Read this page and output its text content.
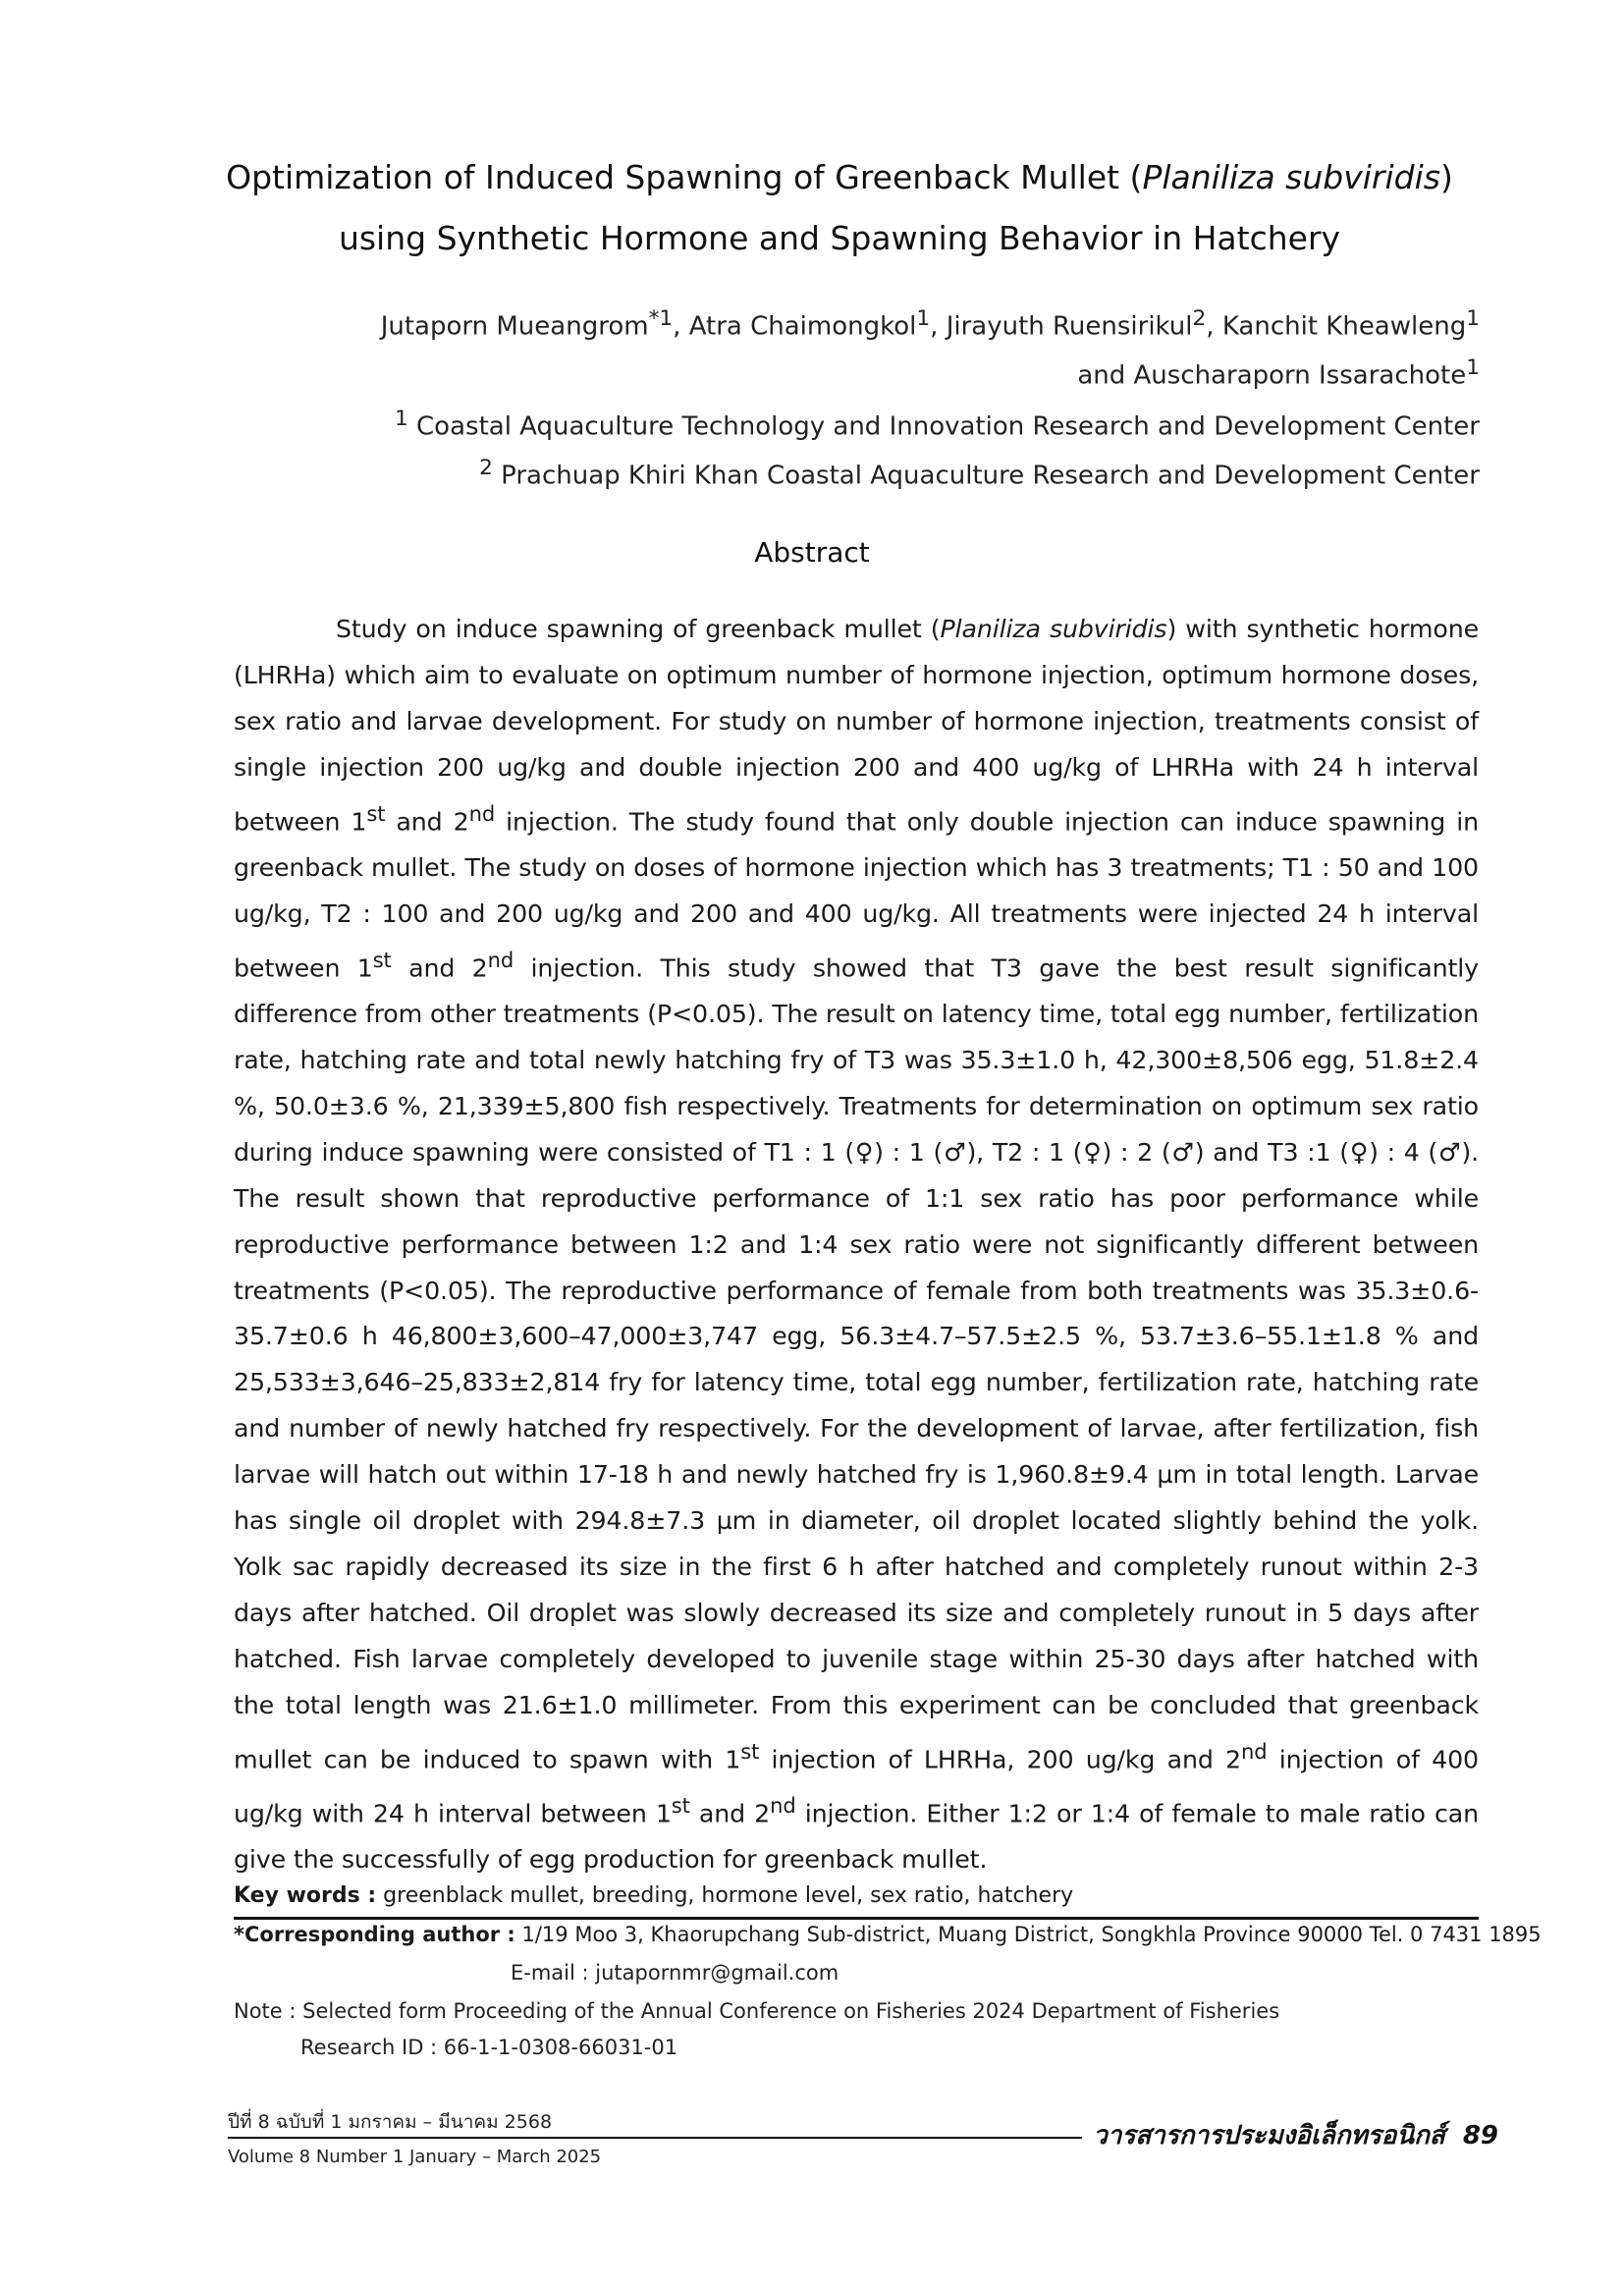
Optimization of Induced Spawning of Greenback Mullet (Planiliza subviridis)
using Synthetic Hormone and Spawning Behavior in Hatchery
Jutaporn Mueangrom$^{*1}$, Atra Chaimongkol$^1$, Jirayuth Ruensirikul$^2$, Kanchit Kheawleng$^1$
and Auscharaporn Issarachote$^1$
$^1$ Coastal Aquaculture Technology and Innovation Research and Development Center
$^2$ Prachuap Khiri Khan Coastal Aquaculture Research and Development Center
Abstract

Study on induce spawning of greenback mullet (Planiliza subviridis) with synthetic hormone (LHRHa) which aim to evaluate on optimum number of hormone injection, optimum hormone doses, sex ratio and larvae development. For study on number of hormone injection, treatments consist of single injection 200 ug/kg and double injection 200 and 400 ug/kg of LHRHa with 24 h interval between 1st and 2nd injection. The study found that only double injection can induce spawning in greenback mullet. The study on doses of hormone injection which has 3 treatments; T1 : 50 and 100 ug/kg, T2 : 100 and 200 ug/kg and 200 and 400 ug/kg. All treatments were injected 24 h interval between 1st and 2nd injection. This study showed that T3 gave the best result significantly difference from other treatments (P<0.05). The result on latency time, total egg number, fertilization rate, hatching rate and total newly hatching fry of T3 was 35.3±1.0 h, 42,300±8,506 egg, 51.8±2.4 %, 50.0±3.6 %, 21,339±5,800 fish respectively. Treatments for determination on optimum sex ratio during induce spawning were consisted of T1 : 1 (♀) : 1 (♂), T2 : 1 (♀) : 2 (♂) and T3 :1 (♀) : 4 (♂). The result shown that reproductive performance of 1:1 sex ratio has poor performance while reproductive performance between 1:2 and 1:4 sex ratio were not significantly different between treatments (P<0.05). The reproductive performance of female from both treatments was 35.3±0.6-35.7±0.6 h 46,800±3,600–47,000±3,747 egg, 56.3±4.7–57.5±2.5 %, 53.7±3.6–55.1±1.8 % and 25,533±3,646–25,833±2,814 fry for latency time, total egg number, fertilization rate, hatching rate and number of newly hatched fry respectively. For the development of larvae, after fertilization, fish larvae will hatch out within 17-18 h and newly hatched fry is 1,960.8±9.4 µm in total length. Larvae has single oil droplet with 294.8±7.3 µm in diameter, oil droplet located slightly behind the yolk. Yolk sac rapidly decreased its size in the first 6 h after hatched and completely runout within 2-3 days after hatched. Oil droplet was slowly decreased its size and completely runout in 5 days after hatched. Fish larvae completely developed to juvenile stage within 25-30 days after hatched with the total length was 21.6±1.0 millimeter. From this experiment can be concluded that greenback mullet can be induced to spawn with 1st injection of LHRHa, 200 ug/kg and 2nd injection of 400 ug/kg with 24 h interval between 1st and 2nd injection. Either 1:2 or 1:4 of female to male ratio can give the successfully of egg production for greenback mullet.

Key words : greenblack mullet, breeding, hormone level, sex ratio, hatchery
*Corresponding author : 1/19 Moo 3, Khaorupchang Sub-district, Muang District, Songkhla Province 90000 Tel. 0 7431 1895
E-mail : jutapornmr@gmail.com
Note : Selected form Proceeding of the Annual Conference on Fisheries 2024 Department of Fisheries
Research ID : 66-1-1-0308-66031-01
ปีที่ 8 ฉบับที่ 1 มกราคม – มีนาคม 2568	วารสารการประมงอิเล็กทรอนิกส์ 89
Volume 8 Number 1 January – March 2025
